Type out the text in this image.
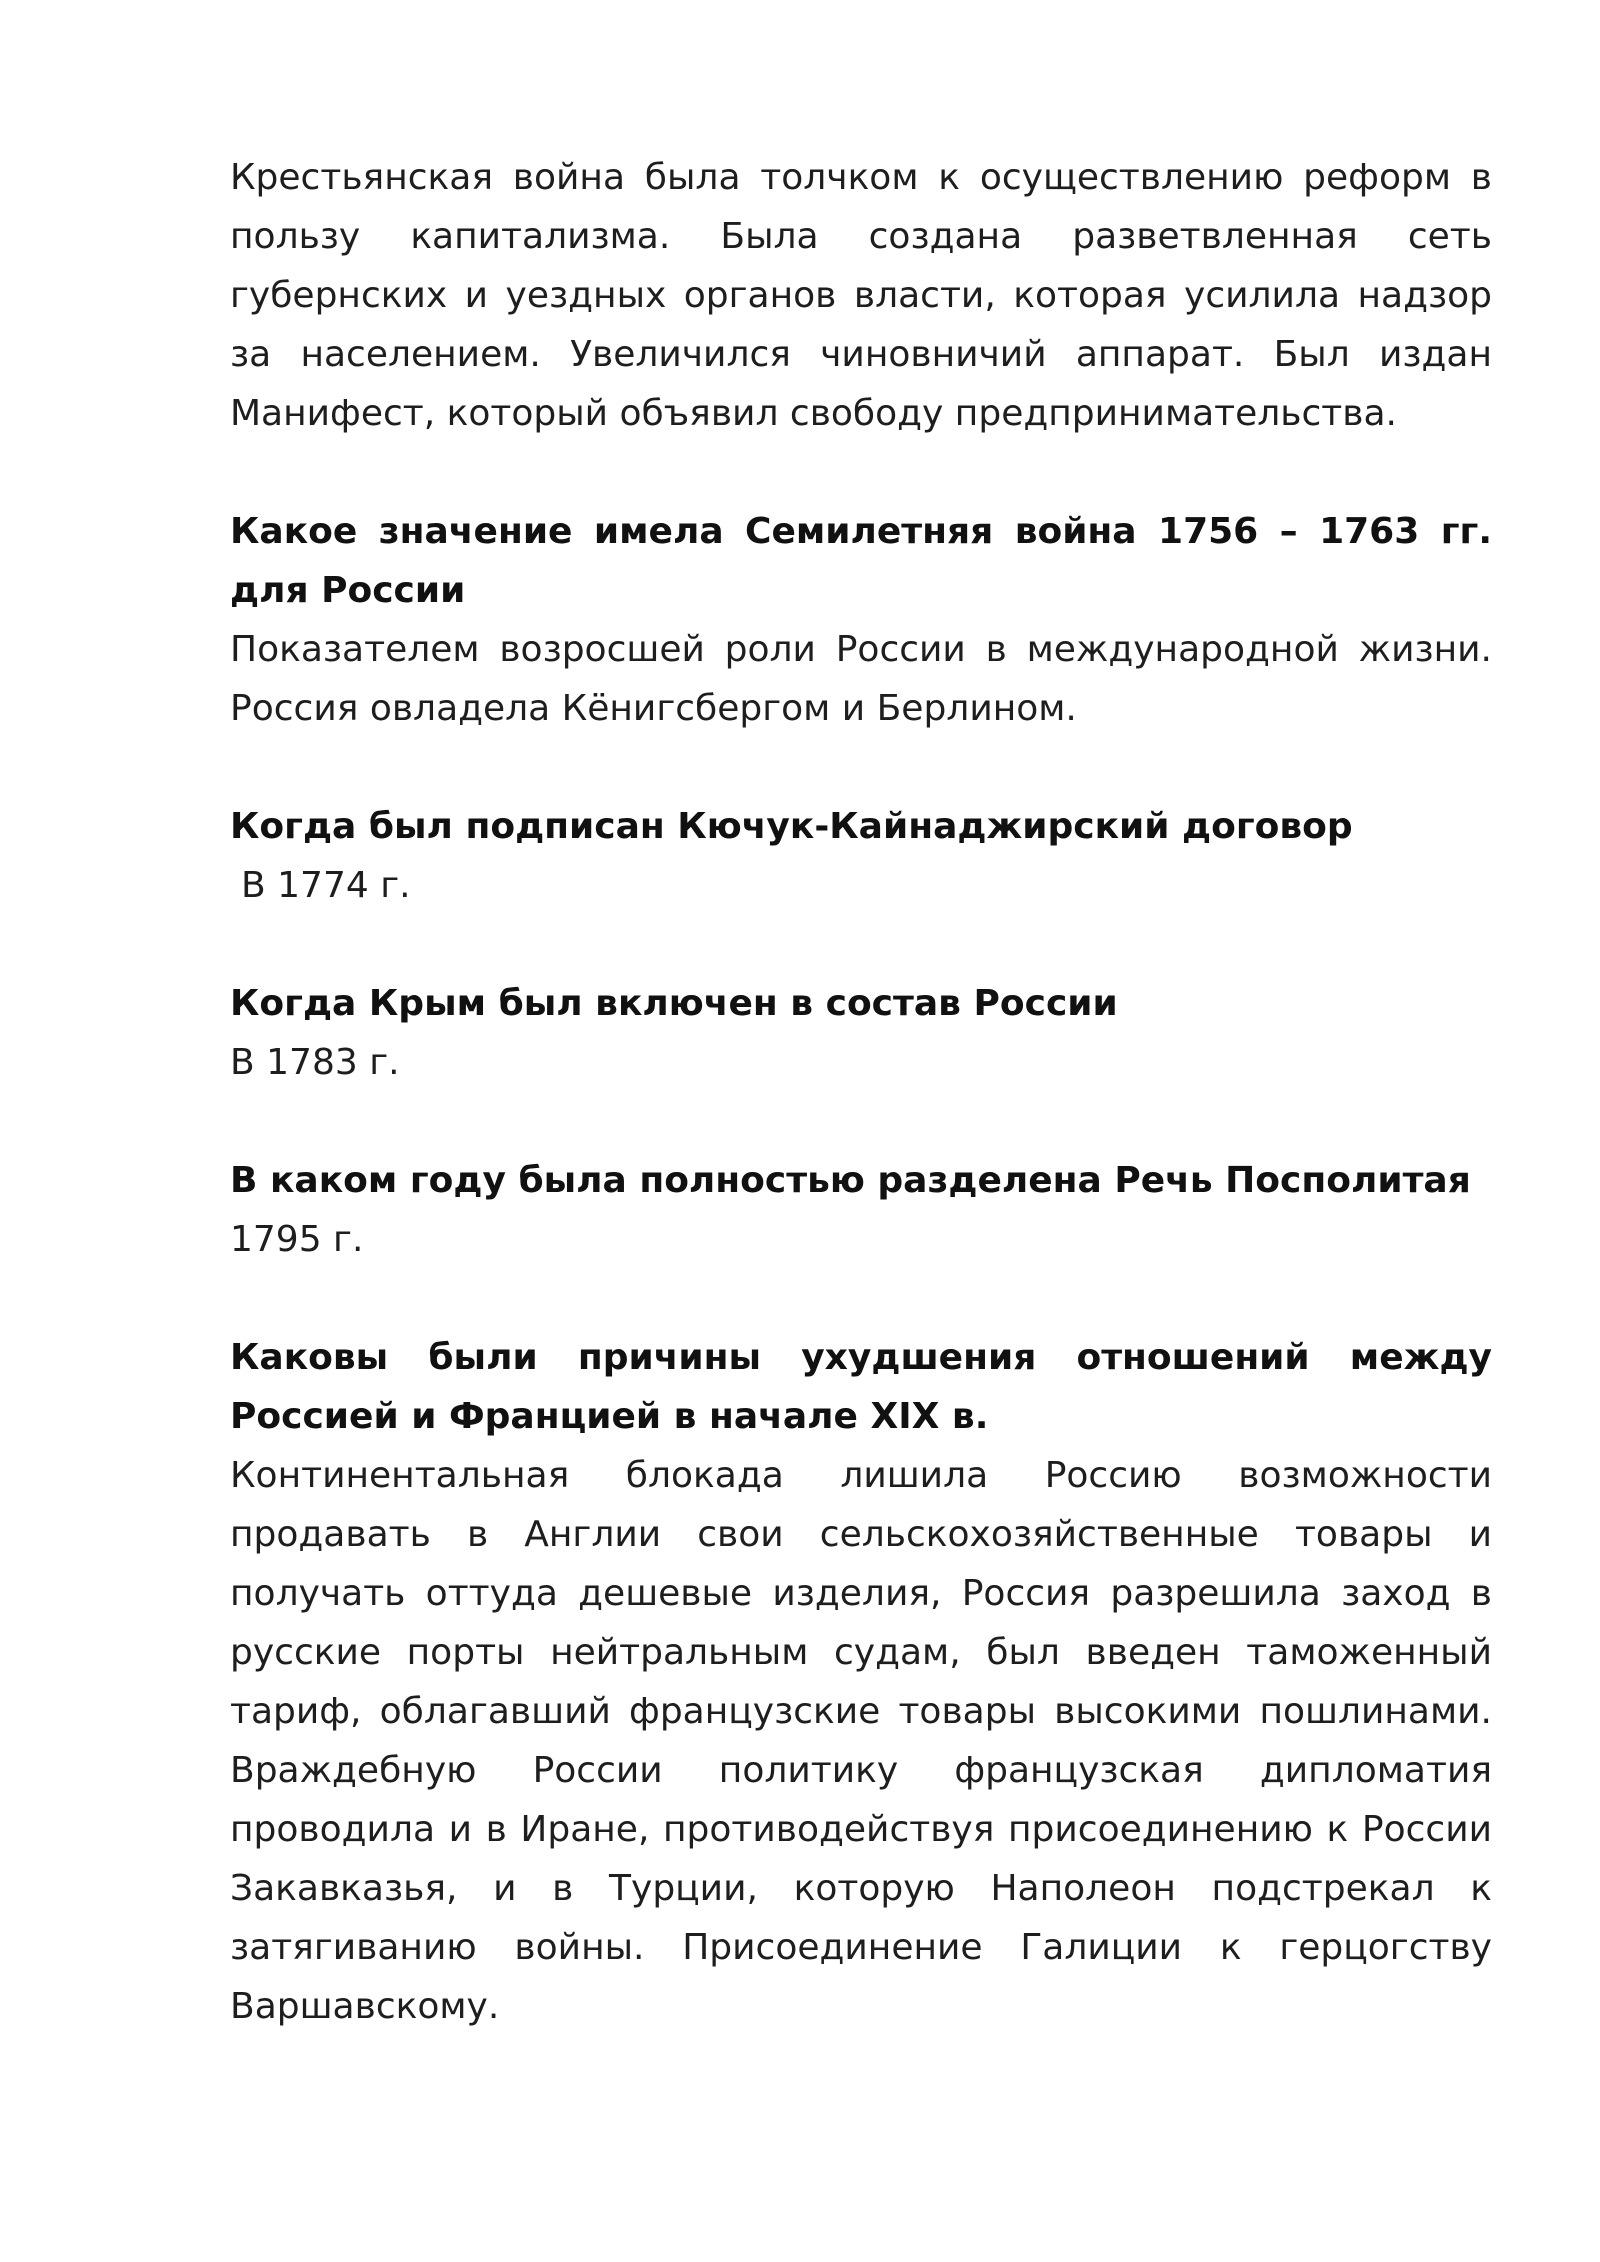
Крестьянская война была толчком к осуществлению реформ в пользу капитализма. Была создана разветвленная сеть губернских и уездных органов власти, которая усилила надзор за населением. Увеличился чиновничий аппарат. Был издан Манифест, который объявил свободу предпринимательства.

Какое значение имела Семилетняя война 1756 – 1763 гг. для России

Показателем возросшей роли России в международной жизни. Россия овладела Кёнигсбергом и Берлином.

Когда был подписан Кючук-Кайнаджирский договор

В 1774 г.

Когда Крым был включен в состав России

В 1783 г.

В каком году была полностью разделена Речь Посполитая

1795 г.

Каковы были причины ухудшения отношений между Россией и Францией в начале XIX в.

Континентальная блокада лишила Россию возможности продавать в Англии свои сельскохозяйственные товары и получать оттуда дешевые изделия, Россия разрешила заход в русские порты нейтральным судам, был введен таможенный тариф, облагавший французские товары высокими пошлинами. Враждебную России политику французская дипломатия проводила и в Иране, противодействуя присоединению к России Закавказья, и в Турции, которую Наполеон подстрекал к затягиванию войны. Присоединение Галиции к герцогству Варшавскому.
